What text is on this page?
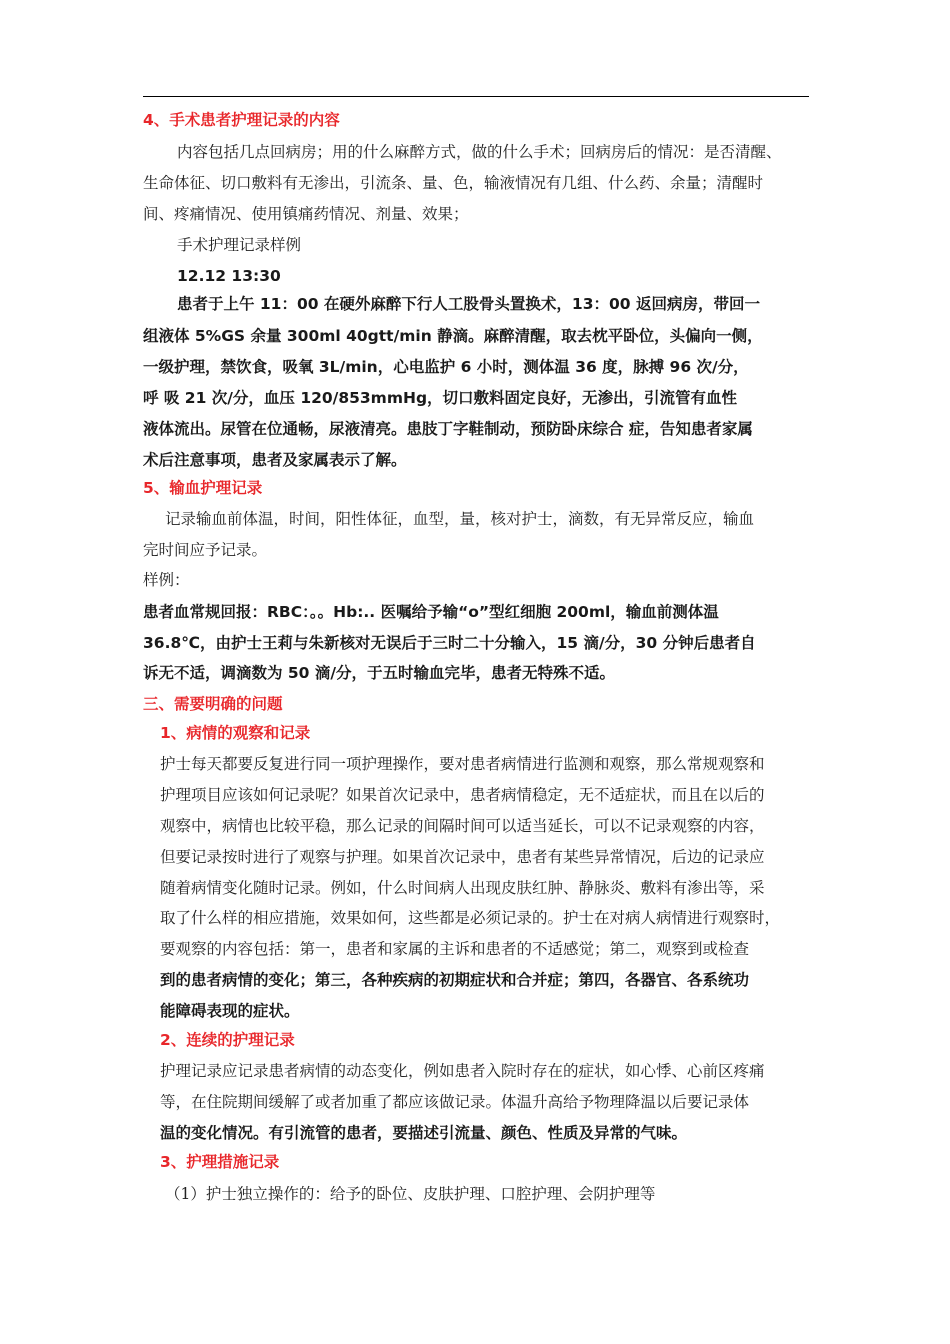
4、手术患者护理记录的内容
内容包括几点回病房；用的什么麻醉方式，做的什么手术；回病房后的情况：是否清醒、
生命体征、切口敷料有无渗出，引流条、量、色，输液情况有几组、什么药、余量；清醒时
间、疼痛情况、使用镇痛药情况、剂量、效果；
手术护理记录样例
12.12 13:30
患者于上午 11：00 在硬外麻醉下行人工股骨头置换术，13：00 返回病房，带回一
组液体 5%GS 余量 300ml 40gtt/min 静滴。麻醉清醒，取去枕平卧位，头偏向一侧，
一级护理，禁饮食，吸氧 3L/min，心电监护 6 小时，测体温 36 度，脉搏 96 次/分，
呼 吸 21 次/分，血压 120/853mmHg，切口敷料固定良好，无渗出，引流管有血性
液体流出。尿管在位通畅，尿液清亮。患肢丁字鞋制动，预防卧床综合 症，告知患者家属
术后注意事项，患者及家属表示了解。
5、输血护理记录
记录输血前体温，时间，阳性体征，血型，量，核对护士，滴数，有无异常反应，输血
完时间应予记录。
样例：
患者血常规回报：RBC：。。Hb:.. 医嘱给予输“o”型红细胞 200ml，输血前测体温
36.8℃，由护士王莉与朱新核对无误后于三时二十分输入，15 滴/分，30 分钟后患者自
诉无不适，调滴数为 50 滴/分，于五时输血完毕，患者无特殊不适。
三、需要明确的问题
1、病情的观察和记录
护士每天都要反复进行同一项护理操作，要对患者病情进行监测和观察，那么常规观察和
护理项目应该如何记录呢？如果首次记录中，患者病情稳定，无不适症状，而且在以后的
观察中，病情也比较平稳，那么记录的间隔时间可以适当延长，可以不记录观察的内容，
但要记录按时进行了观察与护理。如果首次记录中，患者有某些异常情况，后边的记录应
随着病情变化随时记录。例如，什么时间病人出现皮肤红肿、静脉炎、敷料有渗出等，采
取了什么样的相应措施，效果如何，这些都是必须记录的。护士在对病人病情进行观察时，
要观察的内容包括：第一，患者和家属的主诉和患者的不适感觉；第二，观察到或检查
到的患者病情的变化；第三，各种疾病的初期症状和合并症；第四，各器官、各系统功
能障碍表现的症状。
2、连续的护理记录
护理记录应记录患者病情的动态变化，例如患者入院时存在的症状，如心悸、心前区疼痛
等，在住院期间缓解了或者加重了都应该做记录。体温升高给予物理降温以后要记录体
温的变化情况。有引流管的患者，要描述引流量、颜色、性质及异常的气味。
3、护理措施记录
（1）护士独立操作的：给予的卧位、皮肤护理、口腔护理、会阴护理等
